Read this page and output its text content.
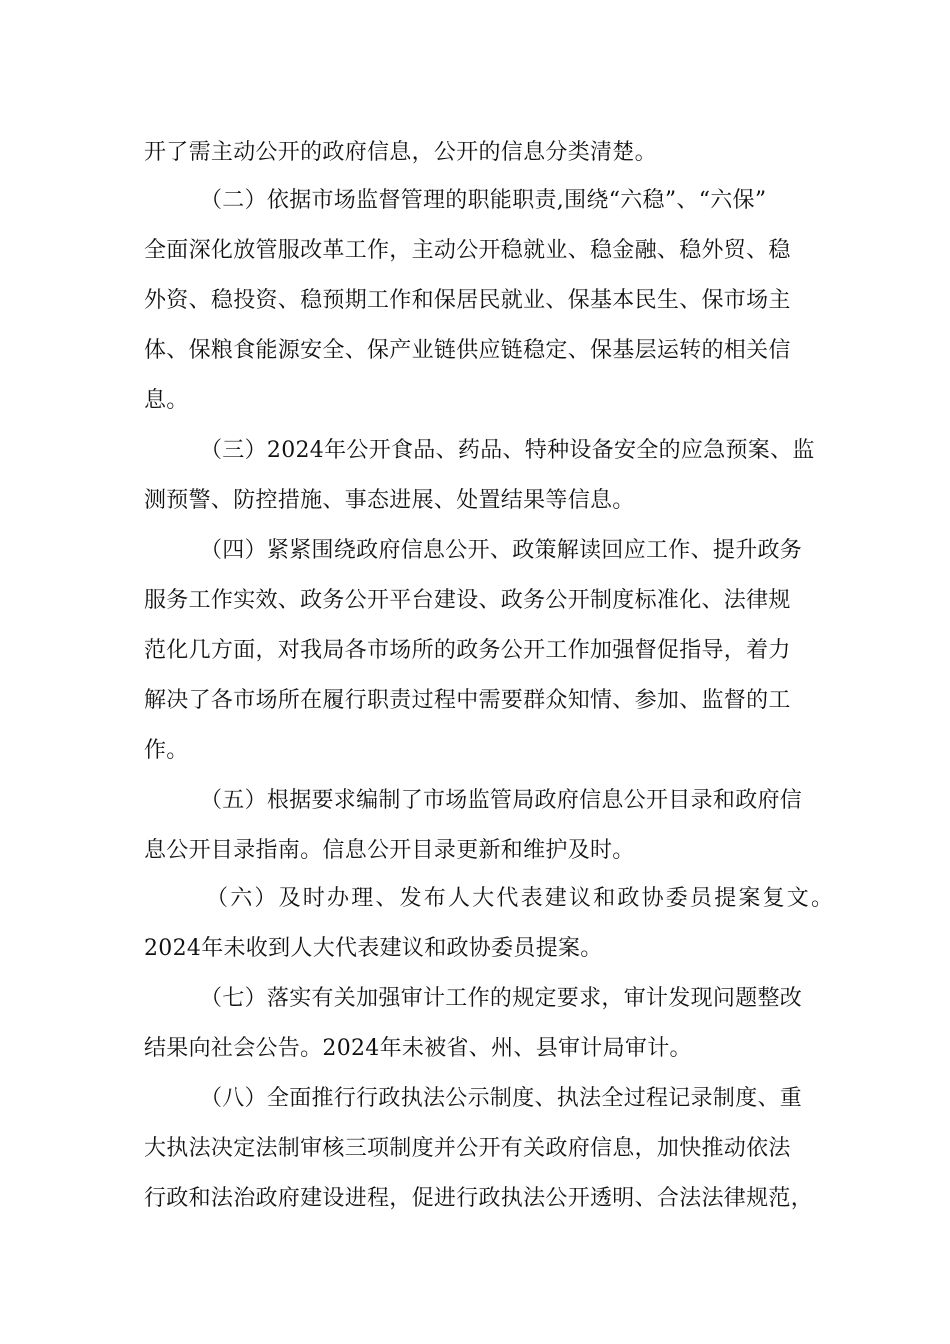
开了需主动公开的政府信息，公开的信息分类清楚。

（二）依据市场监督管理的职能职责,围绕“六稳”、“六保”

全面深化放管服改革工作，主动公开稳就业、稳金融、稳外贸、稳

外资、稳投资、稳预期工作和保居民就业、保基本民生、保市场主

体、保粮食能源安全、保产业链供应链稳定、保基层运转的相关信

息。

（三）2024年公开食品、药品、特种设备安全的应急预案、监

测预警、防控措施、事态进展、处置结果等信息。

（四）紧紧围绕政府信息公开、政策解读回应工作、提升政务

服务工作实效、政务公开平台建设、政务公开制度标准化、法律规

范化几方面，对我局各市场所的政务公开工作加强督促指导，着力

解决了各市场所在履行职责过程中需要群众知情、参加、监督的工

作。

（五）根据要求编制了市场监管局政府信息公开目录和政府信

息公开目录指南。信息公开目录更新和维护及时。

（六）及时办理、发布人大代表建议和政协委员提案复文。

2024年未收到人大代表建议和政协委员提案。

（七）落实有关加强审计工作的规定要求，审计发现问题整改

结果向社会公告。2024年未被省、州、县审计局审计。

（八）全面推行行政执法公示制度、执法全过程记录制度、重

大执法决定法制审核三项制度并公开有关政府信息，加快推动依法

行政和法治政府建设进程，促进行政执法公开透明、合法法律规范，
